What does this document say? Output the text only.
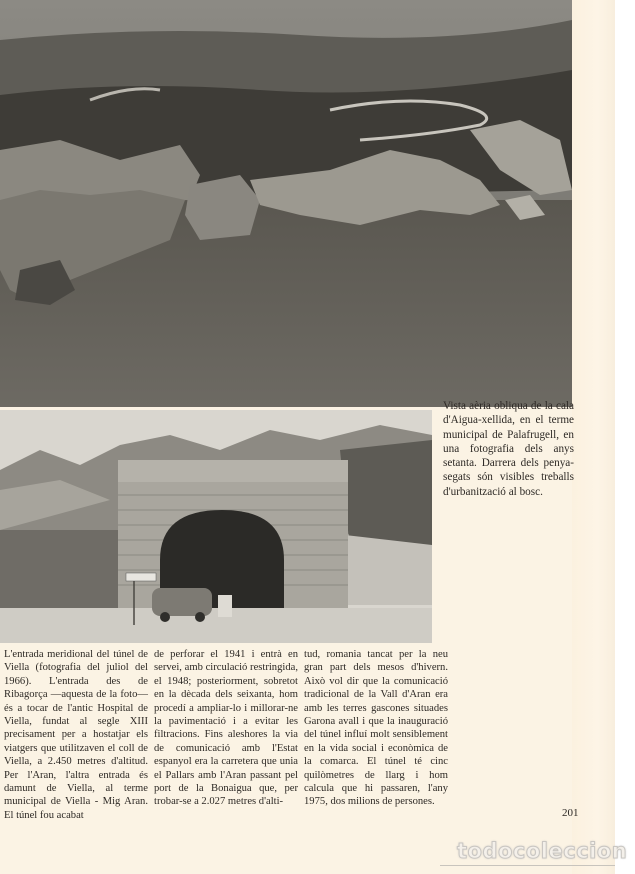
Vista aèria obliqua de la cala d'Aigua-xellida, en el terme municipal de Palafrugell, en una fotografia dels anys setanta. Darrera dels penya-segats són visibles treballs d'urbanització al bosc.
L'entrada meridional del túnel de Viella (fotografia del juliol del 1966). L'entrada des de Ribagorça —aquesta de la foto— és a tocar de l'antic Hospital de Viella, fundat al segle XIII precisament per a hostatjar els viatgers que utilitzaven el coll de Viella, a 2.450 metres d'altitud. Per l'Aran, l'altra entrada és damunt de Viella, al terme municipal de Viella - Mig Aran. El túnel fou acabat
de perforar el 1941 i entrà en servei, amb circulació restringida, el 1948; posteriorment, sobretot en la dècada dels seixanta, hom procedí a ampliar-lo i millorar-ne la pavimentació i a evitar les filtracions. Fins aleshores la via de comunicació amb l'Estat espanyol era la carretera que unia el Pallars amb l'Aran passant pel port de la Bonaigua que, per trobar-se a 2.027 metres d'alti-
tud, romania tancat per la neu gran part dels mesos d'hivern. Això vol dir que la comunicació tradicional de la Vall d'Aran era amb les terres gascones situades Garona avall i que la inauguració del túnel influí molt sensiblement en la vida social i econòmica de la comarca. El túnel té cinc quilòmetres de llarg i hom calcula que hi passaren, l'any 1975, dos milions de persones.
201
todocoleccion
